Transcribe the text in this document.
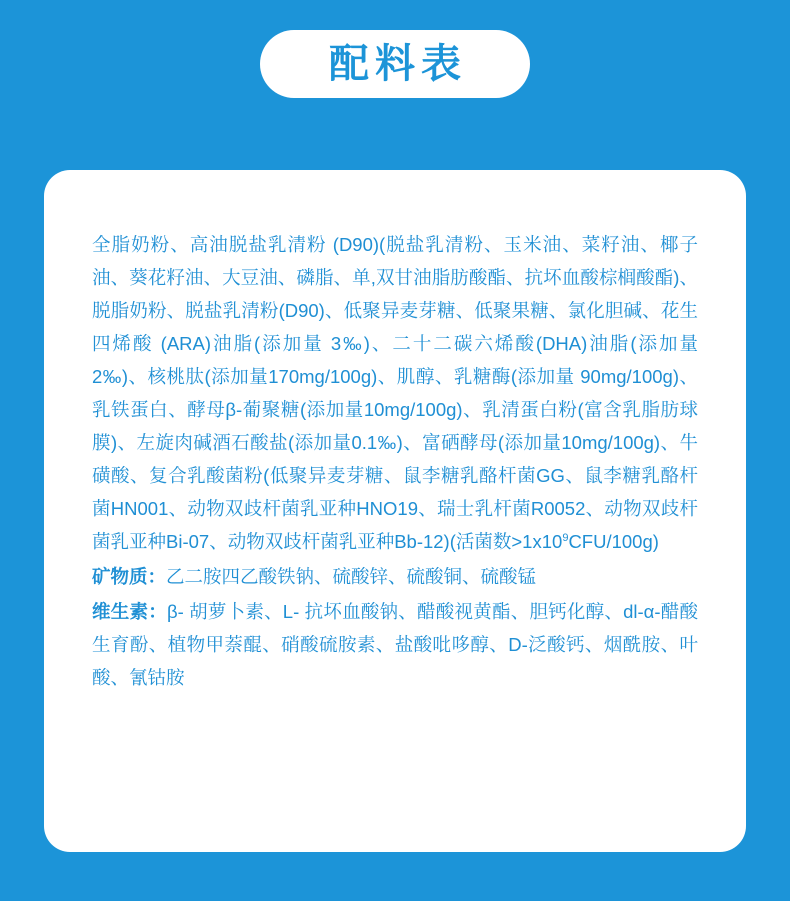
配料表

全脂奶粉、高油脱盐乳清粉 (D90)(脱盐乳清粉、玉米油、菜籽油、椰子油、葵花籽油、大豆油、磷脂、单,双甘油脂肪酸酯、抗坏血酸棕榈酸酯)、脱脂奶粉、脱盐乳清粉(D90)、低聚异麦芽糖、低聚果糖、氯化胆碱、花生四烯酸 (ARA)油脂(添加量 3‰)、二十二碳六烯酸(DHA)油脂(添加量 2‰)、核桃肽(添加量170mg/100g)、肌醇、乳糖酶(添加量 90mg/100g)、乳铁蛋白、酵母β-葡聚糖(添加量10mg/100g)、乳清蛋白粉(富含乳脂肪球膜)、左旋肉碱酒石酸盐(添加量0.1‰)、富硒酵母(添加量10mg/100g)、牛磺酸、复合乳酸菌粉(低聚异麦芽糖、鼠李糖乳酪杆菌GG、鼠李糖乳酪杆菌HN001、动物双歧杆菌乳亚种HNO19、瑞士乳杆菌R0052、动物双歧杆菌乳亚种Bi-07、动物双歧杆菌乳亚种Bb-12)(活菌数$>1x10^9CFU/100g$)

矿物质：乙二胺四乙酸铁钠、硫酸锌、硫酸铜、硫酸锰

维生素：β- 胡萝卜素、L- 抗坏血酸钠、醋酸视黄酯、胆钙化醇、dl-α-醋酸生育酚、植物甲萘醌、硝酸硫胺素、盐酸吡哆醇、D-泛酸钙、烟酰胺、叶酸、氰钴胺
